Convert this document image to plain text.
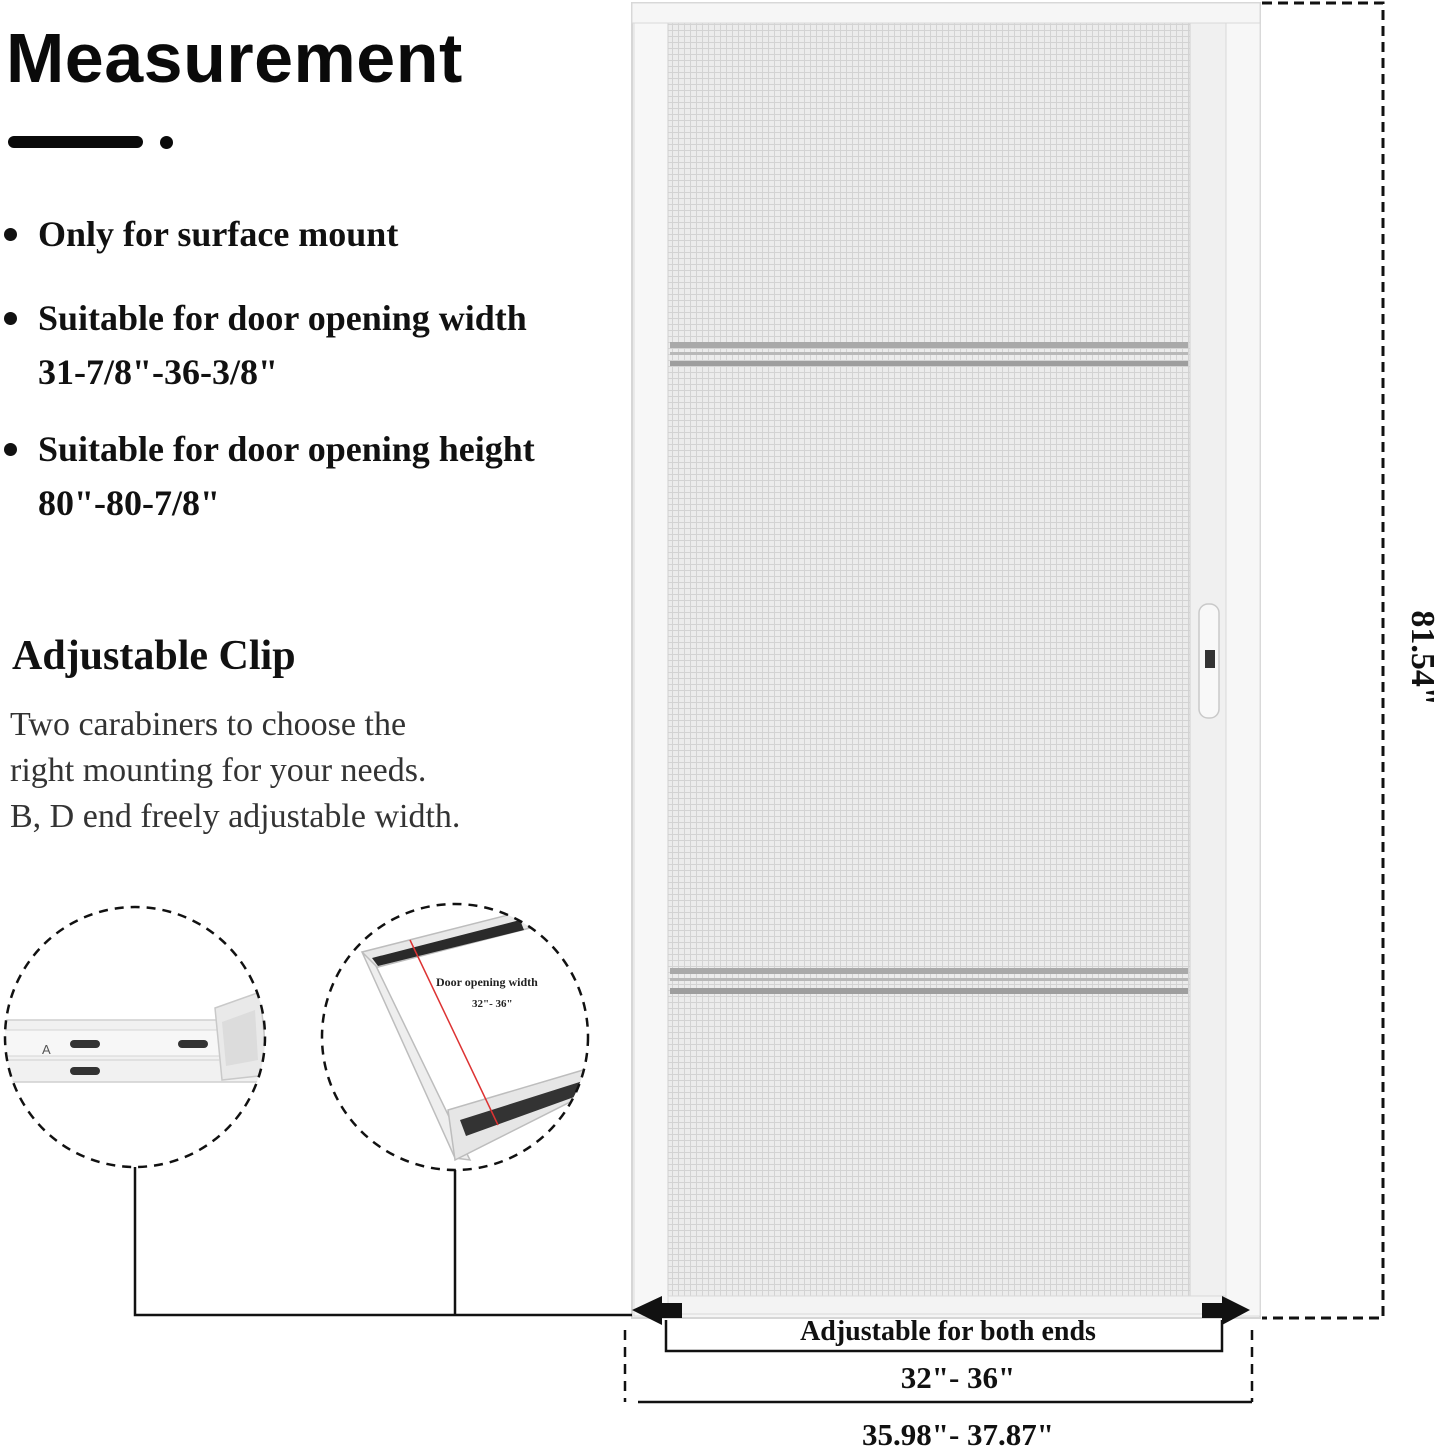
Measurement
Only for surface mount
Suitable for door opening width
31-7/8"-36-3/8"
Suitable for door opening height
80"-80-7/8"
Adjustable Clip
Two carabiners to choose the
right mounting for your needs.
B, D end freely adjustable width.
A
Door opening width
32"- 36"
Adjustable for both ends
32"- 36"
35.98"- 37.87"
81.54"
